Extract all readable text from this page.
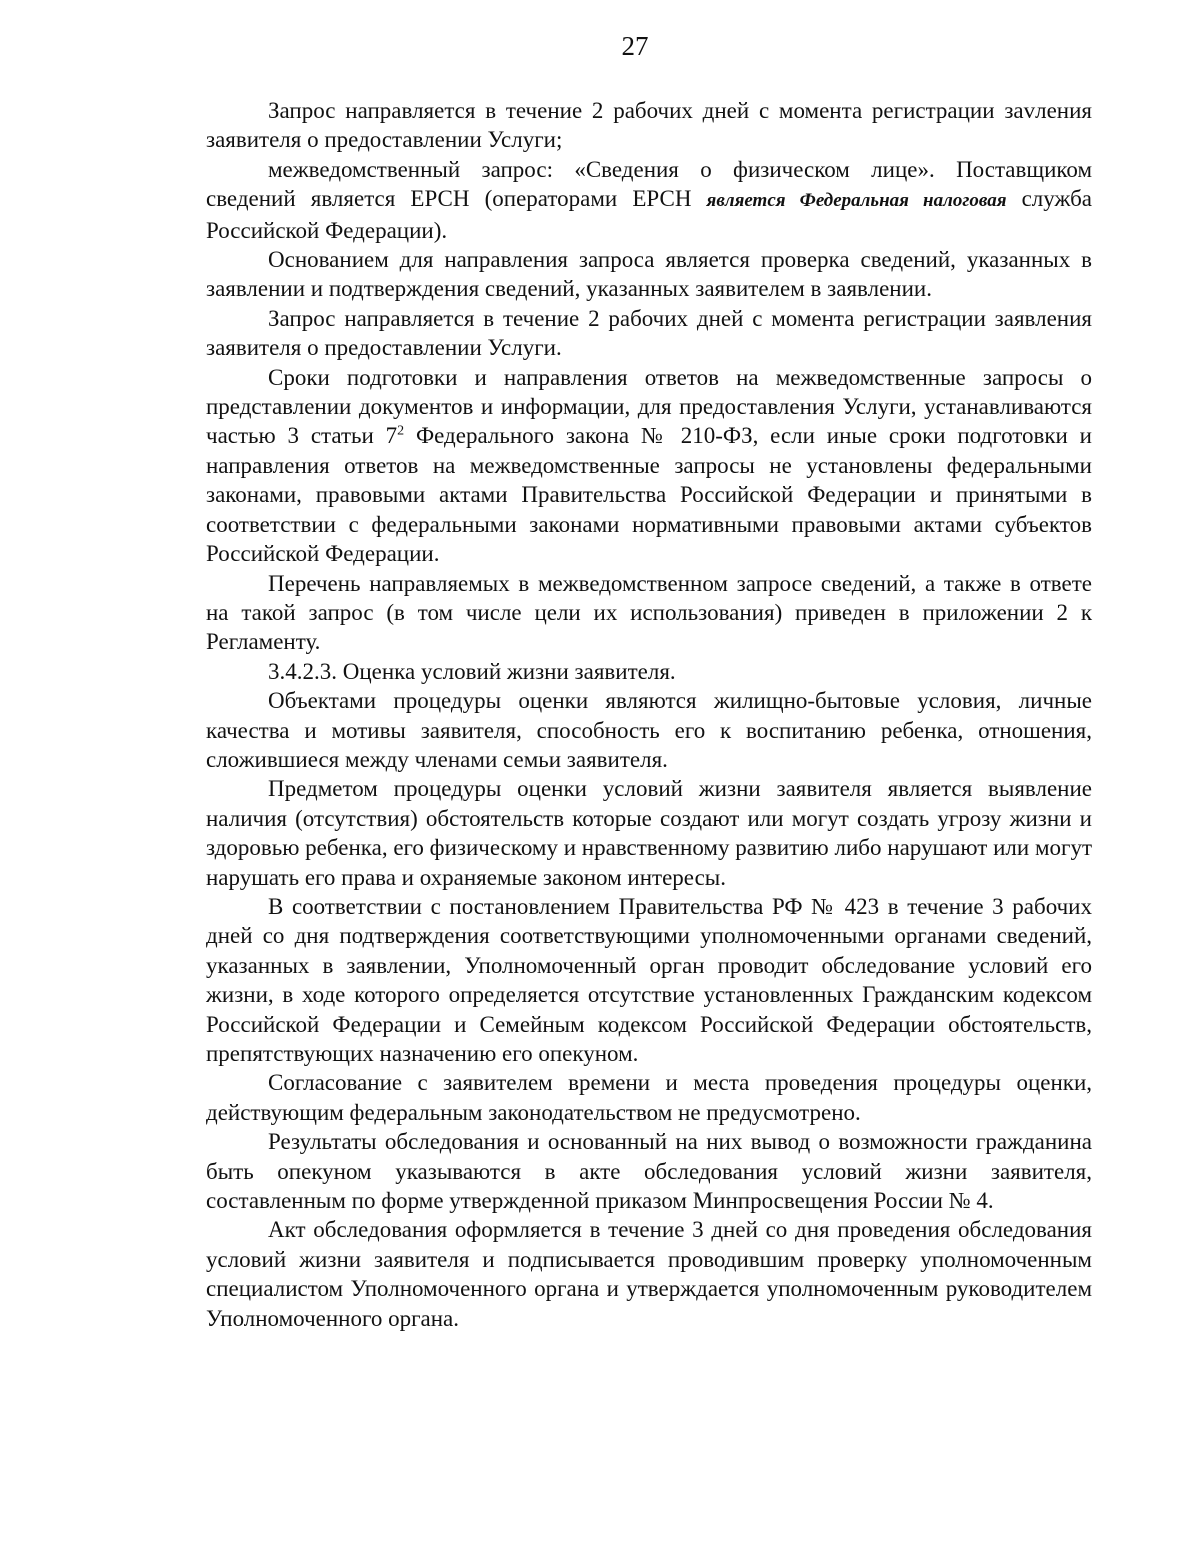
27

Запрос направляется в течение 2 рабочих дней с момента регистрации заvления заявителя о предоставлении Услуги;

межведомственный запрос: «Сведения о физическом лице». Поставщиком сведений является ЕРСН (операторами ЕРСН является Федеральная налоговая служба Российской Федерации).

Основанием для направления запроса является проверка сведений, указанных в заявлении и подтверждения сведений, указанных заявителем в заявлении.

Запрос направляется в течение 2 рабочих дней с момента регистрации заявления заявителя о предоставлении Услуги.

Сроки подготовки и направления ответов на межведомственные запросы о представлении документов и информации, для предоставления Услуги, устанавливаются частью 3 статьи $7^2$ Федерального закона № 210-ФЗ, если иные сроки подготовки и направления ответов на межведомственные запросы не установлены федеральными законами, правовыми актами Правительства Российской Федерации и принятыми в соответствии с федеральными законами нормативными правовыми актами субъектов Российской Федерации.

Перечень направляемых в межведомственном запросе сведений, а также в ответе на такой запрос (в том числе цели их использования) приведен в приложении 2 к Регламенту.

3.4.2.3. Оценка условий жизни заявителя.

Объектами процедуры оценки являются жилищно-бытовые условия, личные качества и мотивы заявителя, способность его к воспитанию ребенка, отношения, сложившиеся между членами семьи заявителя.

Предметом процедуры оценки условий жизни заявителя является выявление наличия (отсутствия) обстоятельств которые создают или могут создать угрозу жизни и здоровью ребенка, его физическому и нравственному развитию либо нарушают или могут нарушать его права и охраняемые законом интересы.

В соответствии с постановлением Правительства РФ № 423 в течение 3 рабочих дней со дня подтверждения соответствующими уполномоченными органами сведений, указанных в заявлении, Уполномоченный орган проводит обследование условий его жизни, в ходе которого определяется отсутствие установленных Гражданским кодексом Российской Федерации и Семейным кодексом Российской Федерации обстоятельств, препятствующих назначению его опекуном.

Согласование с заявителем времени и места проведения процедуры оценки, действующим федеральным законодательством не предусмотрено.

Результаты обследования и основанный на них вывод о возможности гражданина быть опекуном указываются в акте обследования условий жизни заявителя, составленным по форме утвержденной приказом Минпросвещения России № 4.

Акт обследования оформляется в течение 3 дней со дня проведения обследования условий жизни заявителя и подписывается проводившим проверку уполномоченным специалистом Уполномоченного органа и утверждается уполномоченным руководителем Уполномоченного органа.
